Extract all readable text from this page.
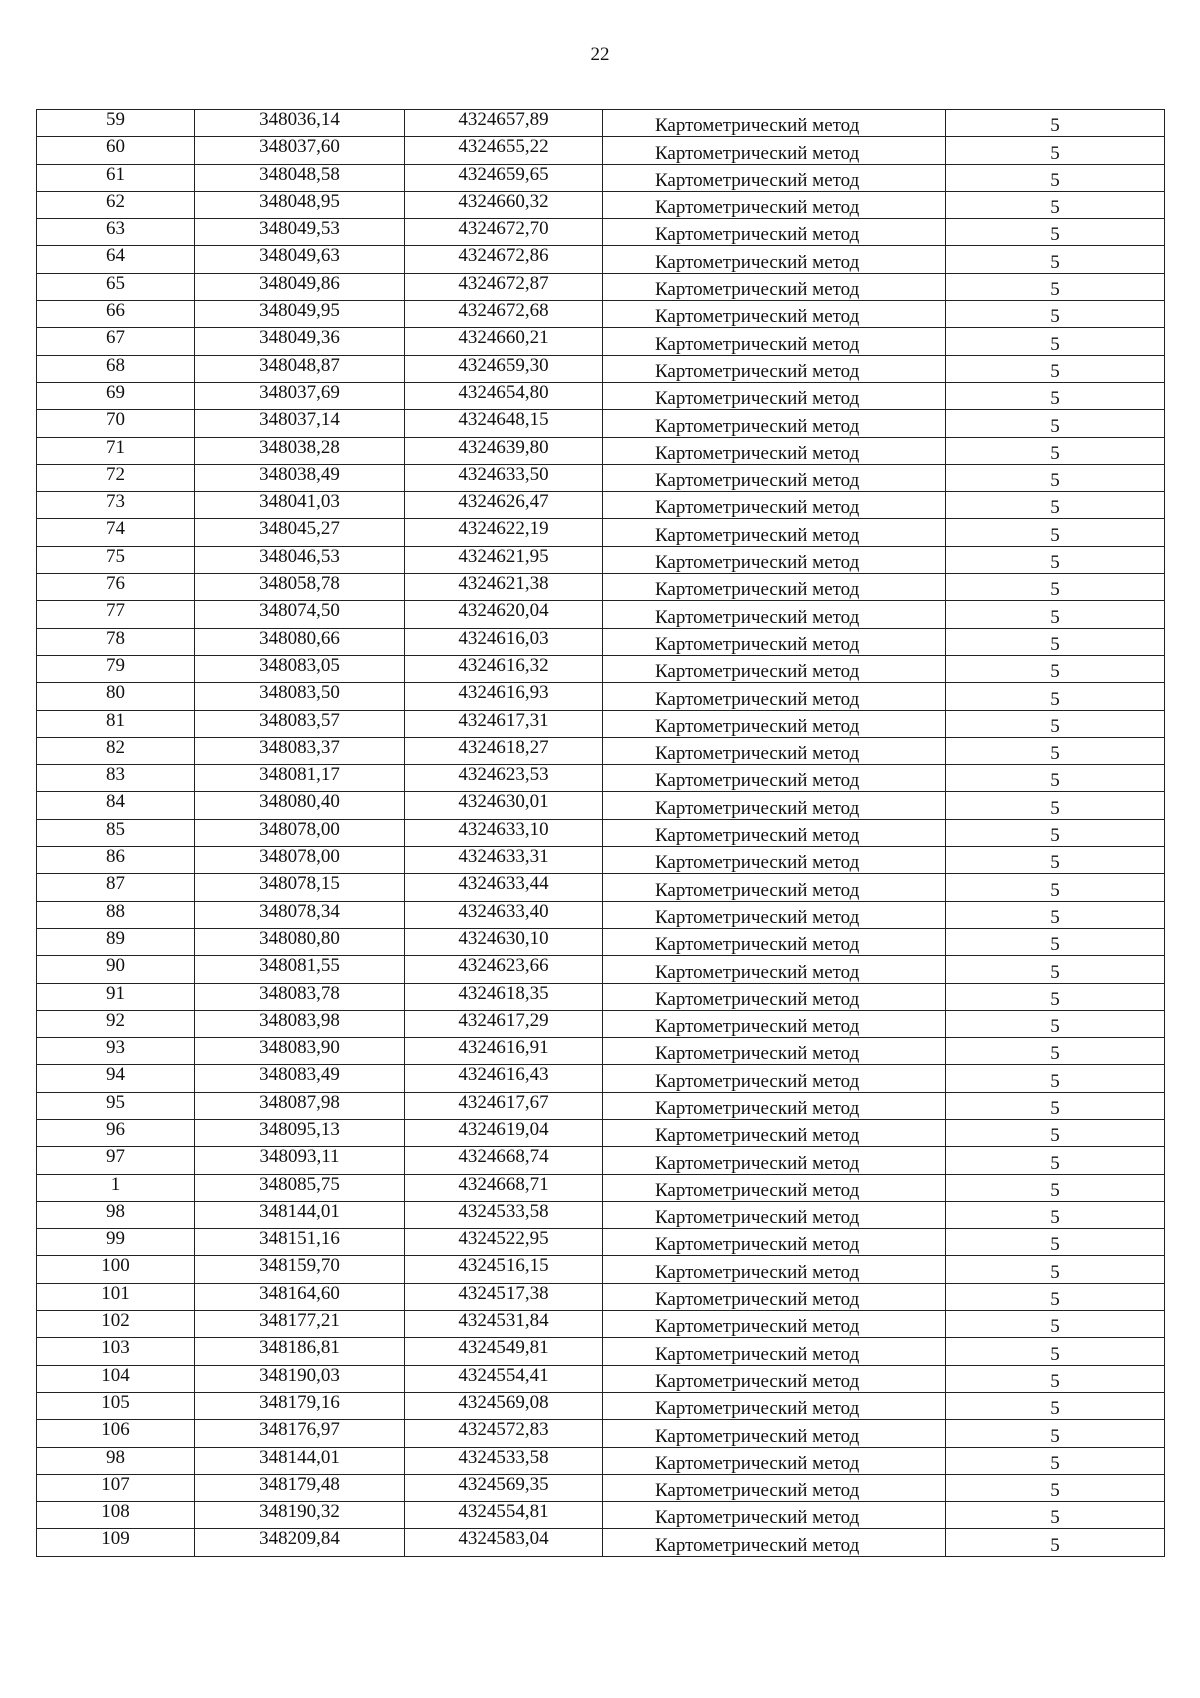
22
59	348036,14	4324657,89	Картометрический метод	5
60	348037,60	4324655,22	Картометрический метод	5
61	348048,58	4324659,65	Картометрический метод	5
62	348048,95	4324660,32	Картометрический метод	5
63	348049,53	4324672,70	Картометрический метод	5
64	348049,63	4324672,86	Картометрический метод	5
65	348049,86	4324672,87	Картометрический метод	5
66	348049,95	4324672,68	Картометрический метод	5
67	348049,36	4324660,21	Картометрический метод	5
68	348048,87	4324659,30	Картометрический метод	5
69	348037,69	4324654,80	Картометрический метод	5
70	348037,14	4324648,15	Картометрический метод	5
71	348038,28	4324639,80	Картометрический метод	5
72	348038,49	4324633,50	Картометрический метод	5
73	348041,03	4324626,47	Картометрический метод	5
74	348045,27	4324622,19	Картометрический метод	5
75	348046,53	4324621,95	Картометрический метод	5
76	348058,78	4324621,38	Картометрический метод	5
77	348074,50	4324620,04	Картометрический метод	5
78	348080,66	4324616,03	Картометрический метод	5
79	348083,05	4324616,32	Картометрический метод	5
80	348083,50	4324616,93	Картометрический метод	5
81	348083,57	4324617,31	Картометрический метод	5
82	348083,37	4324618,27	Картометрический метод	5
83	348081,17	4324623,53	Картометрический метод	5
84	348080,40	4324630,01	Картометрический метод	5
85	348078,00	4324633,10	Картометрический метод	5
86	348078,00	4324633,31	Картометрический метод	5
87	348078,15	4324633,44	Картометрический метод	5
88	348078,34	4324633,40	Картометрический метод	5
89	348080,80	4324630,10	Картометрический метод	5
90	348081,55	4324623,66	Картометрический метод	5
91	348083,78	4324618,35	Картометрический метод	5
92	348083,98	4324617,29	Картометрический метод	5
93	348083,90	4324616,91	Картометрический метод	5
94	348083,49	4324616,43	Картометрический метод	5
95	348087,98	4324617,67	Картометрический метод	5
96	348095,13	4324619,04	Картометрический метод	5
97	348093,11	4324668,74	Картометрический метод	5
1	348085,75	4324668,71	Картометрический метод	5
98	348144,01	4324533,58	Картометрический метод	5
99	348151,16	4324522,95	Картометрический метод	5
100	348159,70	4324516,15	Картометрический метод	5
101	348164,60	4324517,38	Картометрический метод	5
102	348177,21	4324531,84	Картометрический метод	5
103	348186,81	4324549,81	Картометрический метод	5
104	348190,03	4324554,41	Картометрический метод	5
105	348179,16	4324569,08	Картометрический метод	5
106	348176,97	4324572,83	Картометрический метод	5
98	348144,01	4324533,58	Картометрический метод	5
107	348179,48	4324569,35	Картометрический метод	5
108	348190,32	4324554,81	Картометрический метод	5
109	348209,84	4324583,04	Картометрический метод	5
